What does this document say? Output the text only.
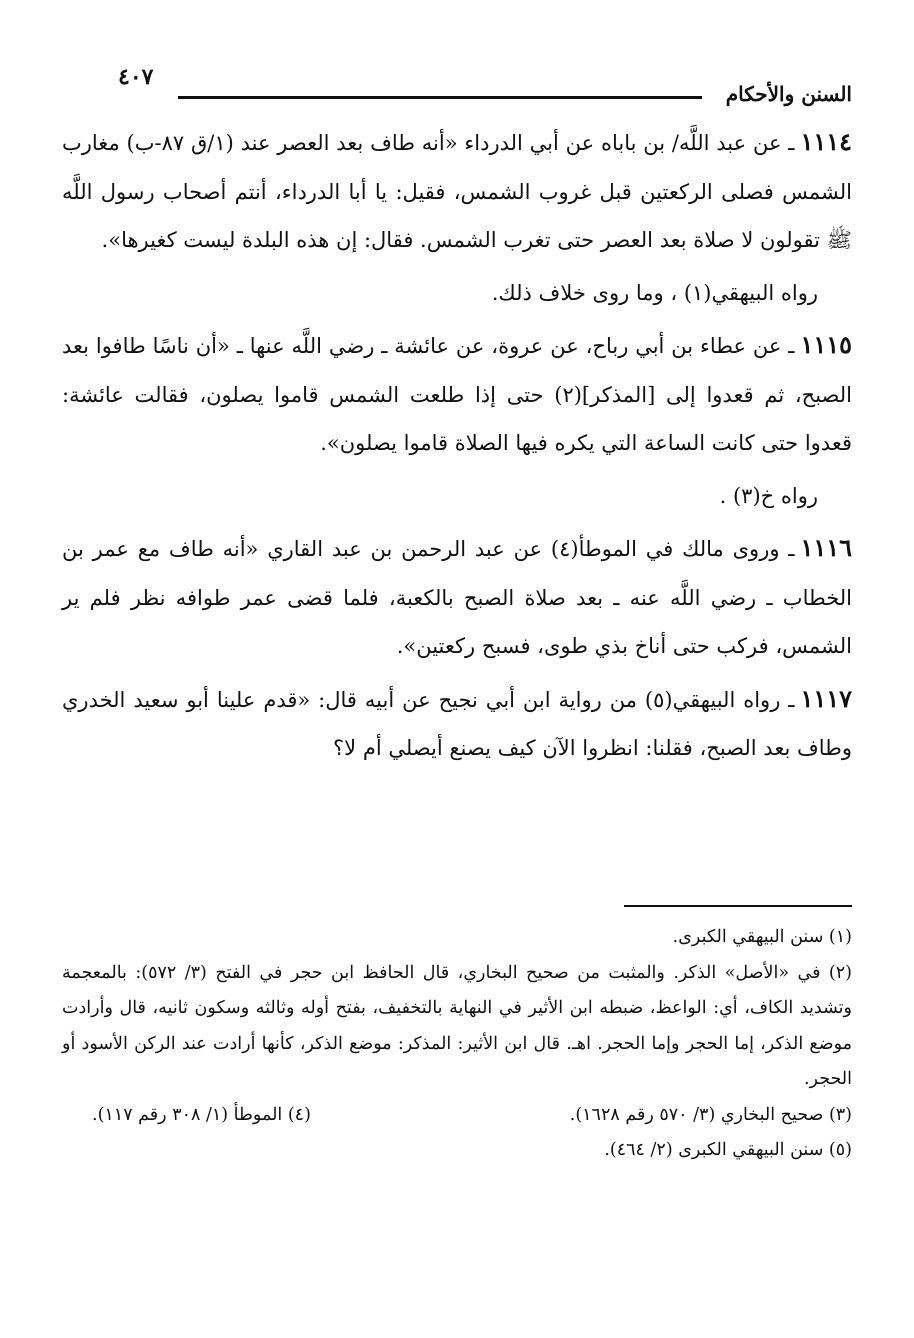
السنن والأحكام
٤٠٧

١١١٤ـ عن عبد اللَّه/ بن باباه عن أبي الدرداء «أنه طاف بعد العصر عند (١/ق ٨٧-ب) مغارب الشمس فصلى الركعتين قبل غروب الشمس، فقيل: يا أبا الدرداء، أنتم أصحاب رسول اللَّه ﷺ تقولون لا صلاة بعد العصر حتى تغرب الشمس. فقال: إن هذه البلدة ليست كغيرها».

رواه البيهقي(١) ، وما روى خلاف ذلك.

١١١٥ـ عن عطاء بن أبي رباح، عن عروة، عن عائشة ـ رضي اللَّه عنها ـ «أن ناسًا طافوا بعد الصبح، ثم قعدوا إلى [المذكر](٢) حتى إذا طلعت الشمس قاموا يصلون، فقالت عائشة: قعدوا حتى كانت الساعة التي يكره فيها الصلاة قاموا يصلون».

رواه خ(٣) .

١١١٦ـ وروى مالك في الموطأ(٤) عن عبد الرحمن بن عبد القاري «أنه طاف مع عمر بن الخطاب ـ رضي اللَّه عنه ـ بعد صلاة الصبح بالكعبة، فلما قضى عمر طوافه نظر فلم ير الشمس، فركب حتى أناخ بذي طوى، فسبح ركعتين».

١١١٧ـ رواه البيهقي(٥) من رواية ابن أبي نجيح عن أبيه قال: «قدم علينا أبو سعيد الخدري وطاف بعد الصبح، فقلنا: انظروا الآن كيف يصنع أيصلي أم لا؟

(١) سنن البيهقي الكبرى.

(٢) في «الأصل» الذكر. والمثبت من صحيح البخاري، قال الحافظ ابن حجر في الفتح (٣/ ٥٧٢): بالمعجمة وتشديد الكاف، أي: الواعظ، ضبطه ابن الأثير في النهاية بالتخفيف، بفتح أوله وثالثه وسكون ثانيه، قال وأرادت موضع الذكر، إما الحجر وإما الحجر. اهـ. قال ابن الأثير: المذكر: موضع الذكر، كأنها أرادت عند الركن الأسود أو الحجر.

(٣) صحيح البخاري (٣/ ٥٧٠ رقم ١٦٢٨).
(٤) الموطأ (١/ ٣٠٨ رقم ١١٧).

(٥) سنن البيهقي الكبرى (٢/ ٤٦٤).
